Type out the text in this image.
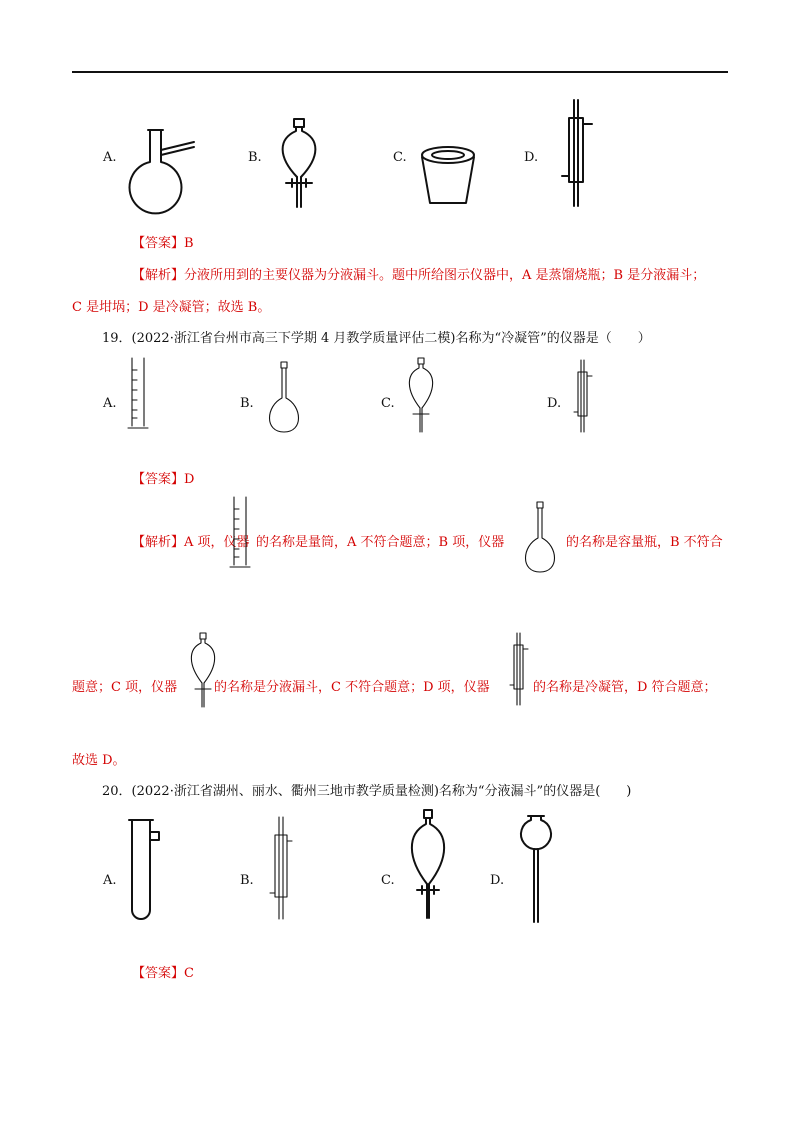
A.	B.	C.	D.
【答案】B
【解析】分液所用到的主要仪器为分液漏斗。题中所给图示仪器中，A 是蒸馏烧瓶；B 是分液漏斗；
C 是坩埚；D 是冷凝管；故选 B。
19．(2022·浙江省台州市高三下学期 4 月教学质量评估二模)名称为“冷凝管”的仪器是（　　）
A.	B.	C.	D.
【答案】D
【解析】A 项，仪器 的名称是量筒，A 不符合题意；B 项，仪器	的名称是容量瓶，B 不符合
题意；C 项，仪器	的名称是分液漏斗，C 不符合题意；D 项，仪器	的名称是冷凝管，D 符合题意；
故选 D。
20．(2022·浙江省湖州、丽水、衢州三地市教学质量检测)名称为“分液漏斗”的仪器是(　　)
A.	B.	C.	D.
【答案】C
